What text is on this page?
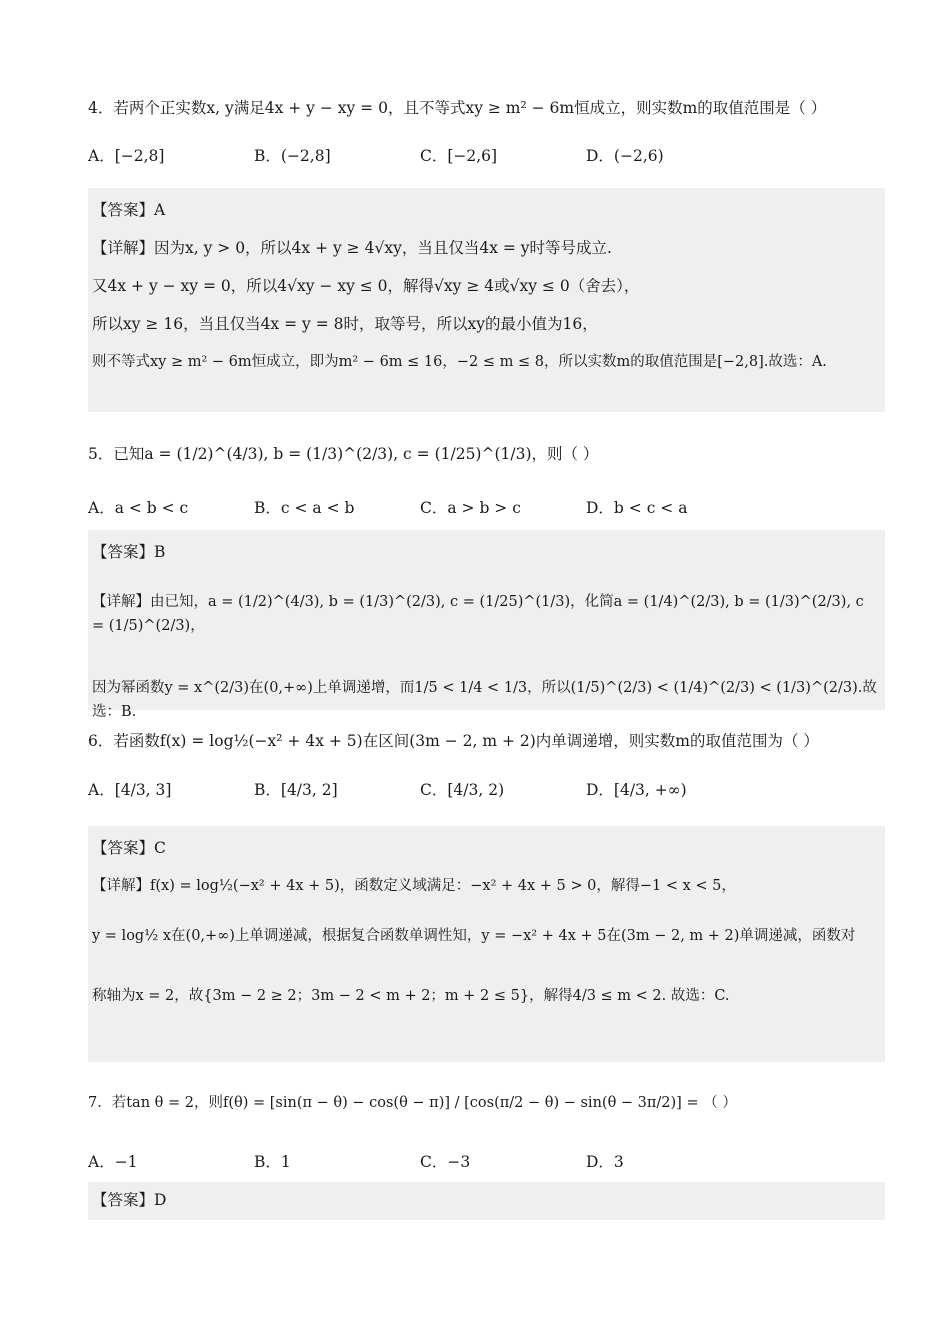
4．若两个正实数x, y满足4x + y − xy = 0，且不等式xy ≥ m² − 6m恒成立，则实数m的取值范围是（ ）
A．[−2,8]	B．(−2,8]	C．[−2,6]	D．(−2,6)
【答案】A
【详解】因为x, y > 0，所以4x + y ≥ 4√xy，当且仅当4x = y时等号成立.
又4x + y − xy = 0，所以4√xy − xy ≤ 0，解得√xy ≥ 4或√xy ≤ 0（舍去），
所以xy ≥ 16，当且仅当4x = y = 8时，取等号，所以xy的最小值为16，
则不等式xy ≥ m² − 6m恒成立，即为m² − 6m ≤ 16，−2 ≤ m ≤ 8，所以实数m的取值范围是[−2,8].故选：A.
5．已知a = (1/2)^(4/3), b = (1/3)^(2/3), c = (1/25)^(1/3)，则（ ）
A．a < b < c	B．c < a < b	C．a > b > c	D．b < c < a
【答案】B
【详解】由已知，a = (1/2)^(4/3), b = (1/3)^(2/3), c = (1/25)^(1/3)，化简a = (1/4)^(2/3), b = (1/3)^(2/3), c = (1/5)^(2/3)，
因为幂函数y = x^(2/3)在(0,+∞)上单调递增，而1/5 < 1/4 < 1/3，所以(1/5)^(2/3) < (1/4)^(2/3) < (1/3)^(2/3).故选：B.
6．若函数f(x) = log½(−x² + 4x + 5)在区间(3m − 2, m + 2)内单调递增，则实数m的取值范围为（ ）
A．[4/3, 3]	B．[4/3, 2]	C．[4/3, 2)	D．[4/3, +∞)
【答案】C
【详解】f(x) = log½(−x² + 4x + 5)，函数定义域满足：−x² + 4x + 5 > 0，解得−1 < x < 5，
y = log½ x在(0,+∞)上单调递减，根据复合函数单调性知，y = −x² + 4x + 5在(3m − 2, m + 2)单调递减，函数对
称轴为x = 2，故{3m − 2 ≥ 2；3m − 2 < m + 2；m + 2 ≤ 5}，解得4/3 ≤ m < 2. 故选：C.
7．若tan θ = 2，则f(θ) = [sin(π − θ) − cos(θ − π)] / [cos(π/2 − θ) − sin(θ − 3π/2)] = （ ）
A．−1	B．1	C．−3	D．3
【答案】D
